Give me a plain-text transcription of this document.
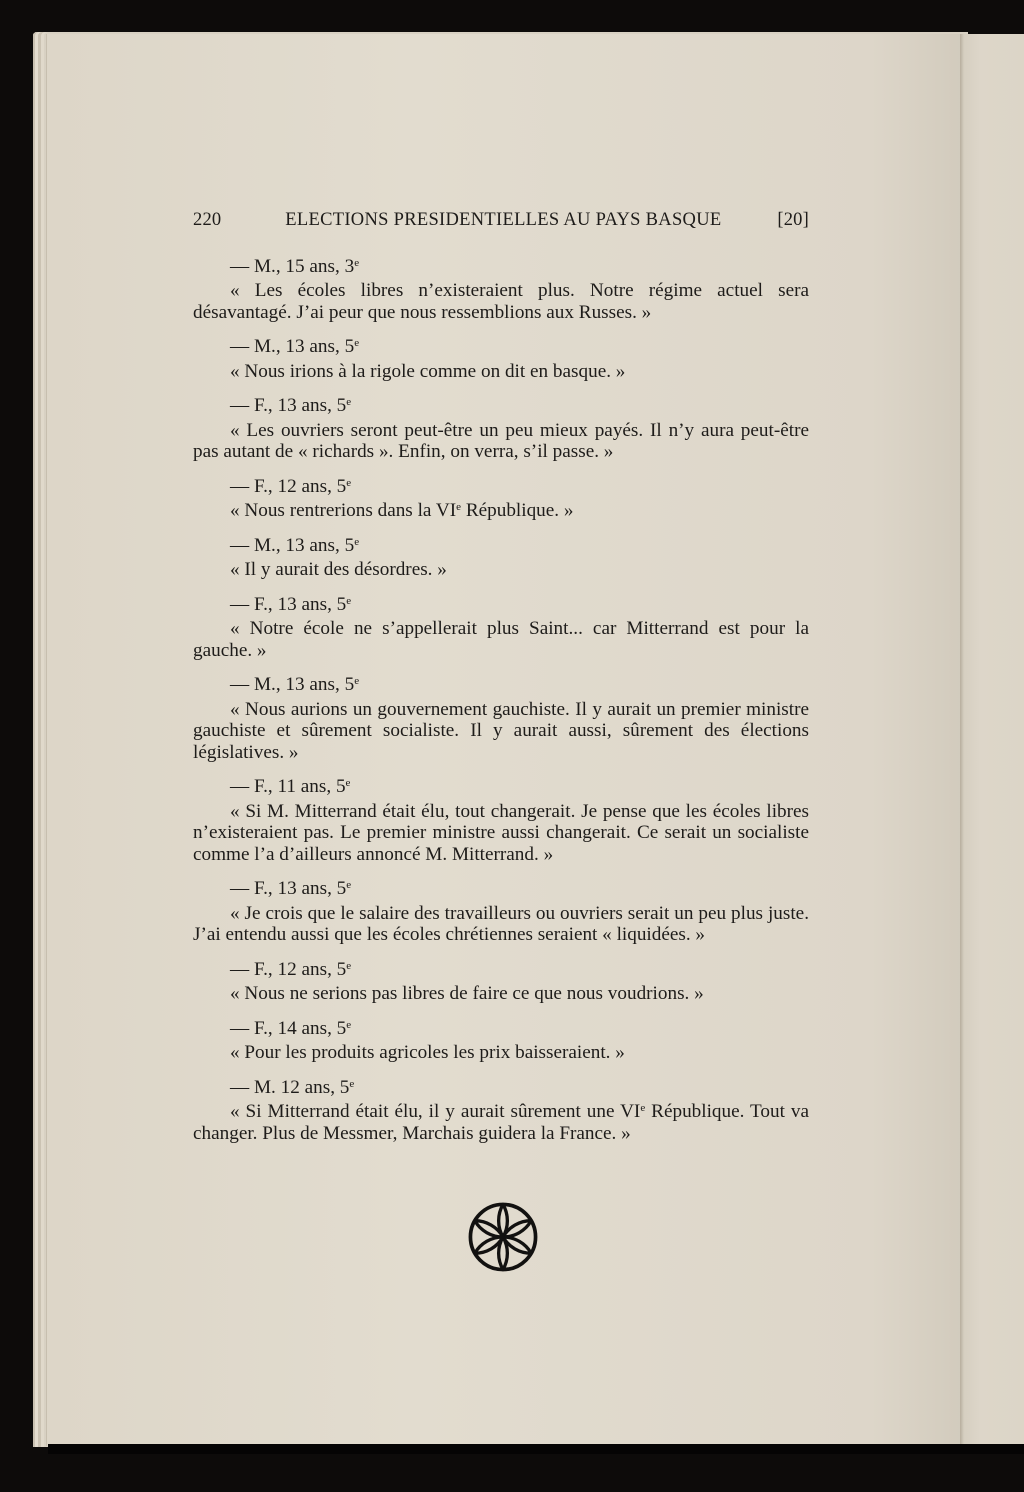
220	ELECTIONS PRESIDENTIELLES AU PAYS BASQUE	[20]
— M., 15 ans, 3e
« Les écoles libres n’existeraient plus. Notre régime actuel sera désavantagé. J’ai peur que nous ressemblions aux Russes. »
— M., 13 ans, 5e
« Nous irions à la rigole comme on dit en basque. »
— F., 13 ans, 5e
« Les ouvriers seront peut-être un peu mieux payés. Il n’y aura peut-être pas autant de « richards ». Enfin, on verra, s’il passe. »
— F., 12 ans, 5e
« Nous rentrerions dans la VIe République. »
— M., 13 ans, 5e
« Il y aurait des désordres. »
— F., 13 ans, 5e
« Notre école ne s’appellerait plus Saint... car Mitterrand est pour la gauche. »
— M., 13 ans, 5e
« Nous aurions un gouvernement gauchiste. Il y aurait un premier ministre gauchiste et sûrement socialiste. Il y aurait aussi, sûrement des élections législatives. »
— F., 11 ans, 5e
« Si M. Mitterrand était élu, tout changerait. Je pense que les écoles libres n’existeraient pas. Le premier ministre aussi changerait. Ce serait un socialiste comme l’a d’ailleurs annoncé M. Mitterrand. »
— F., 13 ans, 5e
« Je crois que le salaire des travailleurs ou ouvriers serait un peu plus juste. J’ai entendu aussi que les écoles chrétiennes seraient « liquidées. »
— F., 12 ans, 5e
« Nous ne serions pas libres de faire ce que nous voudrions. »
— F., 14 ans, 5e
« Pour les produits agricoles les prix baisseraient. »
— M. 12 ans, 5e
« Si Mitterrand était élu, il y aurait sûrement une VIe République. Tout va changer. Plus de Messmer, Marchais guidera la France. »
